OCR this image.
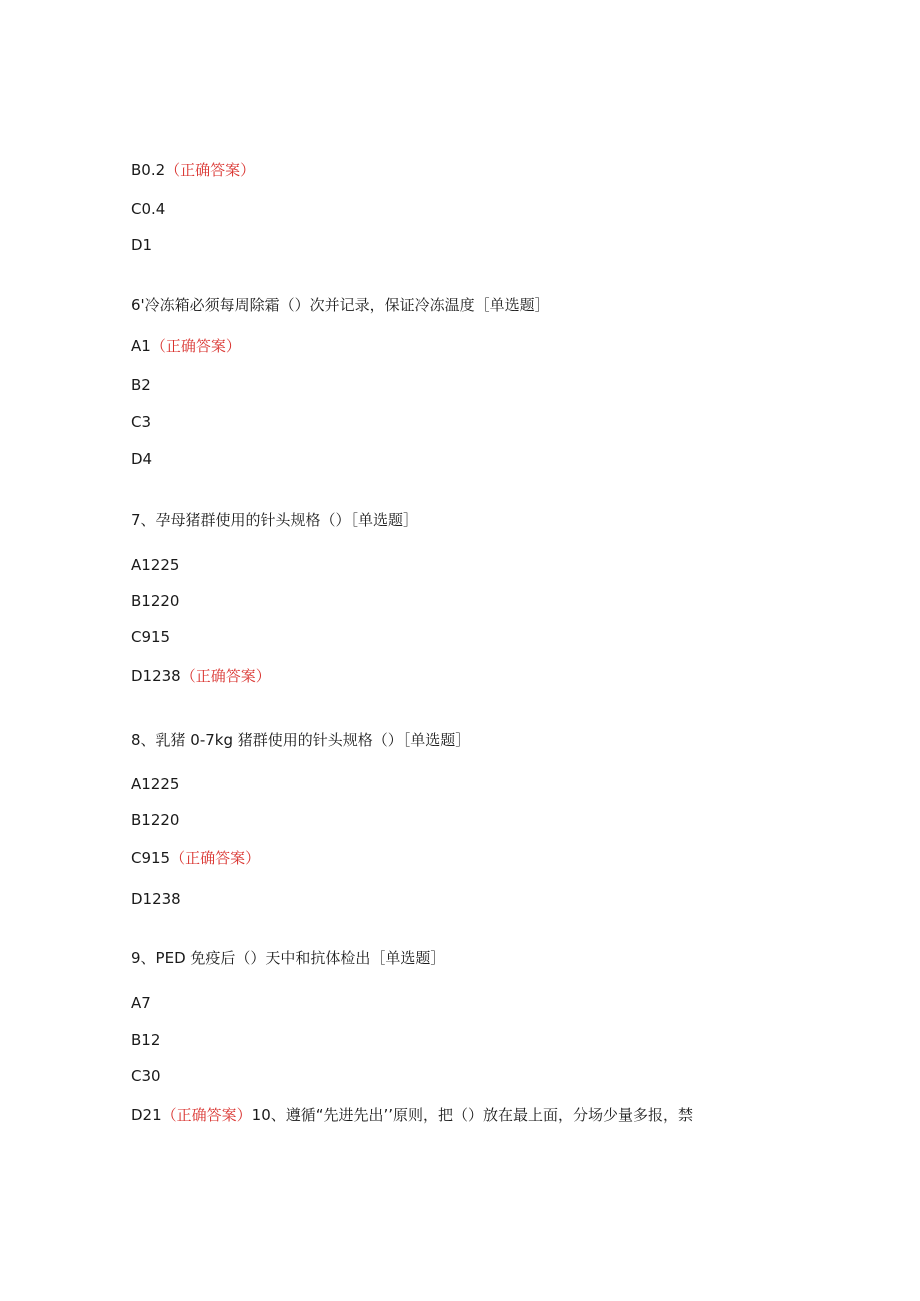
B0.2（正确答案）
C0.4
D1
6'冷冻箱必须每周除霜（）次并记录，保证冷冻温度［单选题］
A1（正确答案）
B2
C3
D4
7、孕母猪群使用的针头规格（）［单选题］
A1225
B1220
C915
D1238（正确答案）
8、乳猪 0-7kg 猪群使用的针头规格（）［单选题］
A1225
B1220
C915（正确答案）
D1238
9、PED 免疫后（）天中和抗体检出［单选题］
A7
B12
C30
D21（正确答案）10、遵循“先进先出’’原则，把（）放在最上面，分场少量多报，禁
